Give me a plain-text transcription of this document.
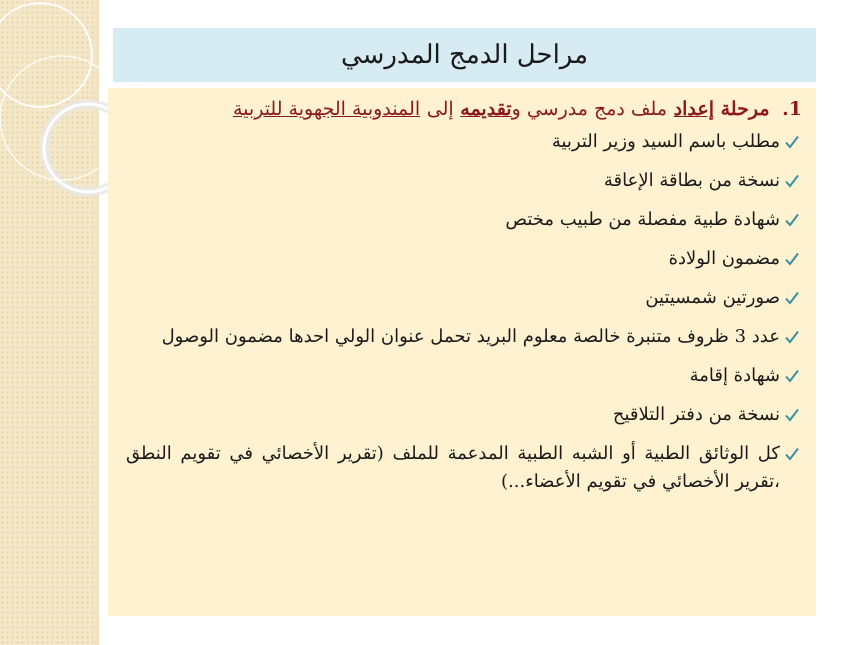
مراحل الدمج المدرسي
1. مرحلة إعداد ملف دمج مدرسي وتقديمه إلى المندوبية الجهوية للتربية
مطلب باسم السيد وزير التربية
نسخة من بطاقة الإعاقة
شهادة طبية مفصلة من طبيب مختص
مضمون الولادة
صورتين شمسيتين
عدد 3 ظروف متنبرة خالصة معلوم البريد تحمل عنوان الولي احدها مضمون الوصول
شهادة إقامة
نسخة من دفتر التلاقيح
كل الوثائق الطبية أو الشبه الطبية المدعمة للملف (تقرير الأخصائي في تقويم النطق ،تقرير الأخصائي في تقويم الأعضاء...)
